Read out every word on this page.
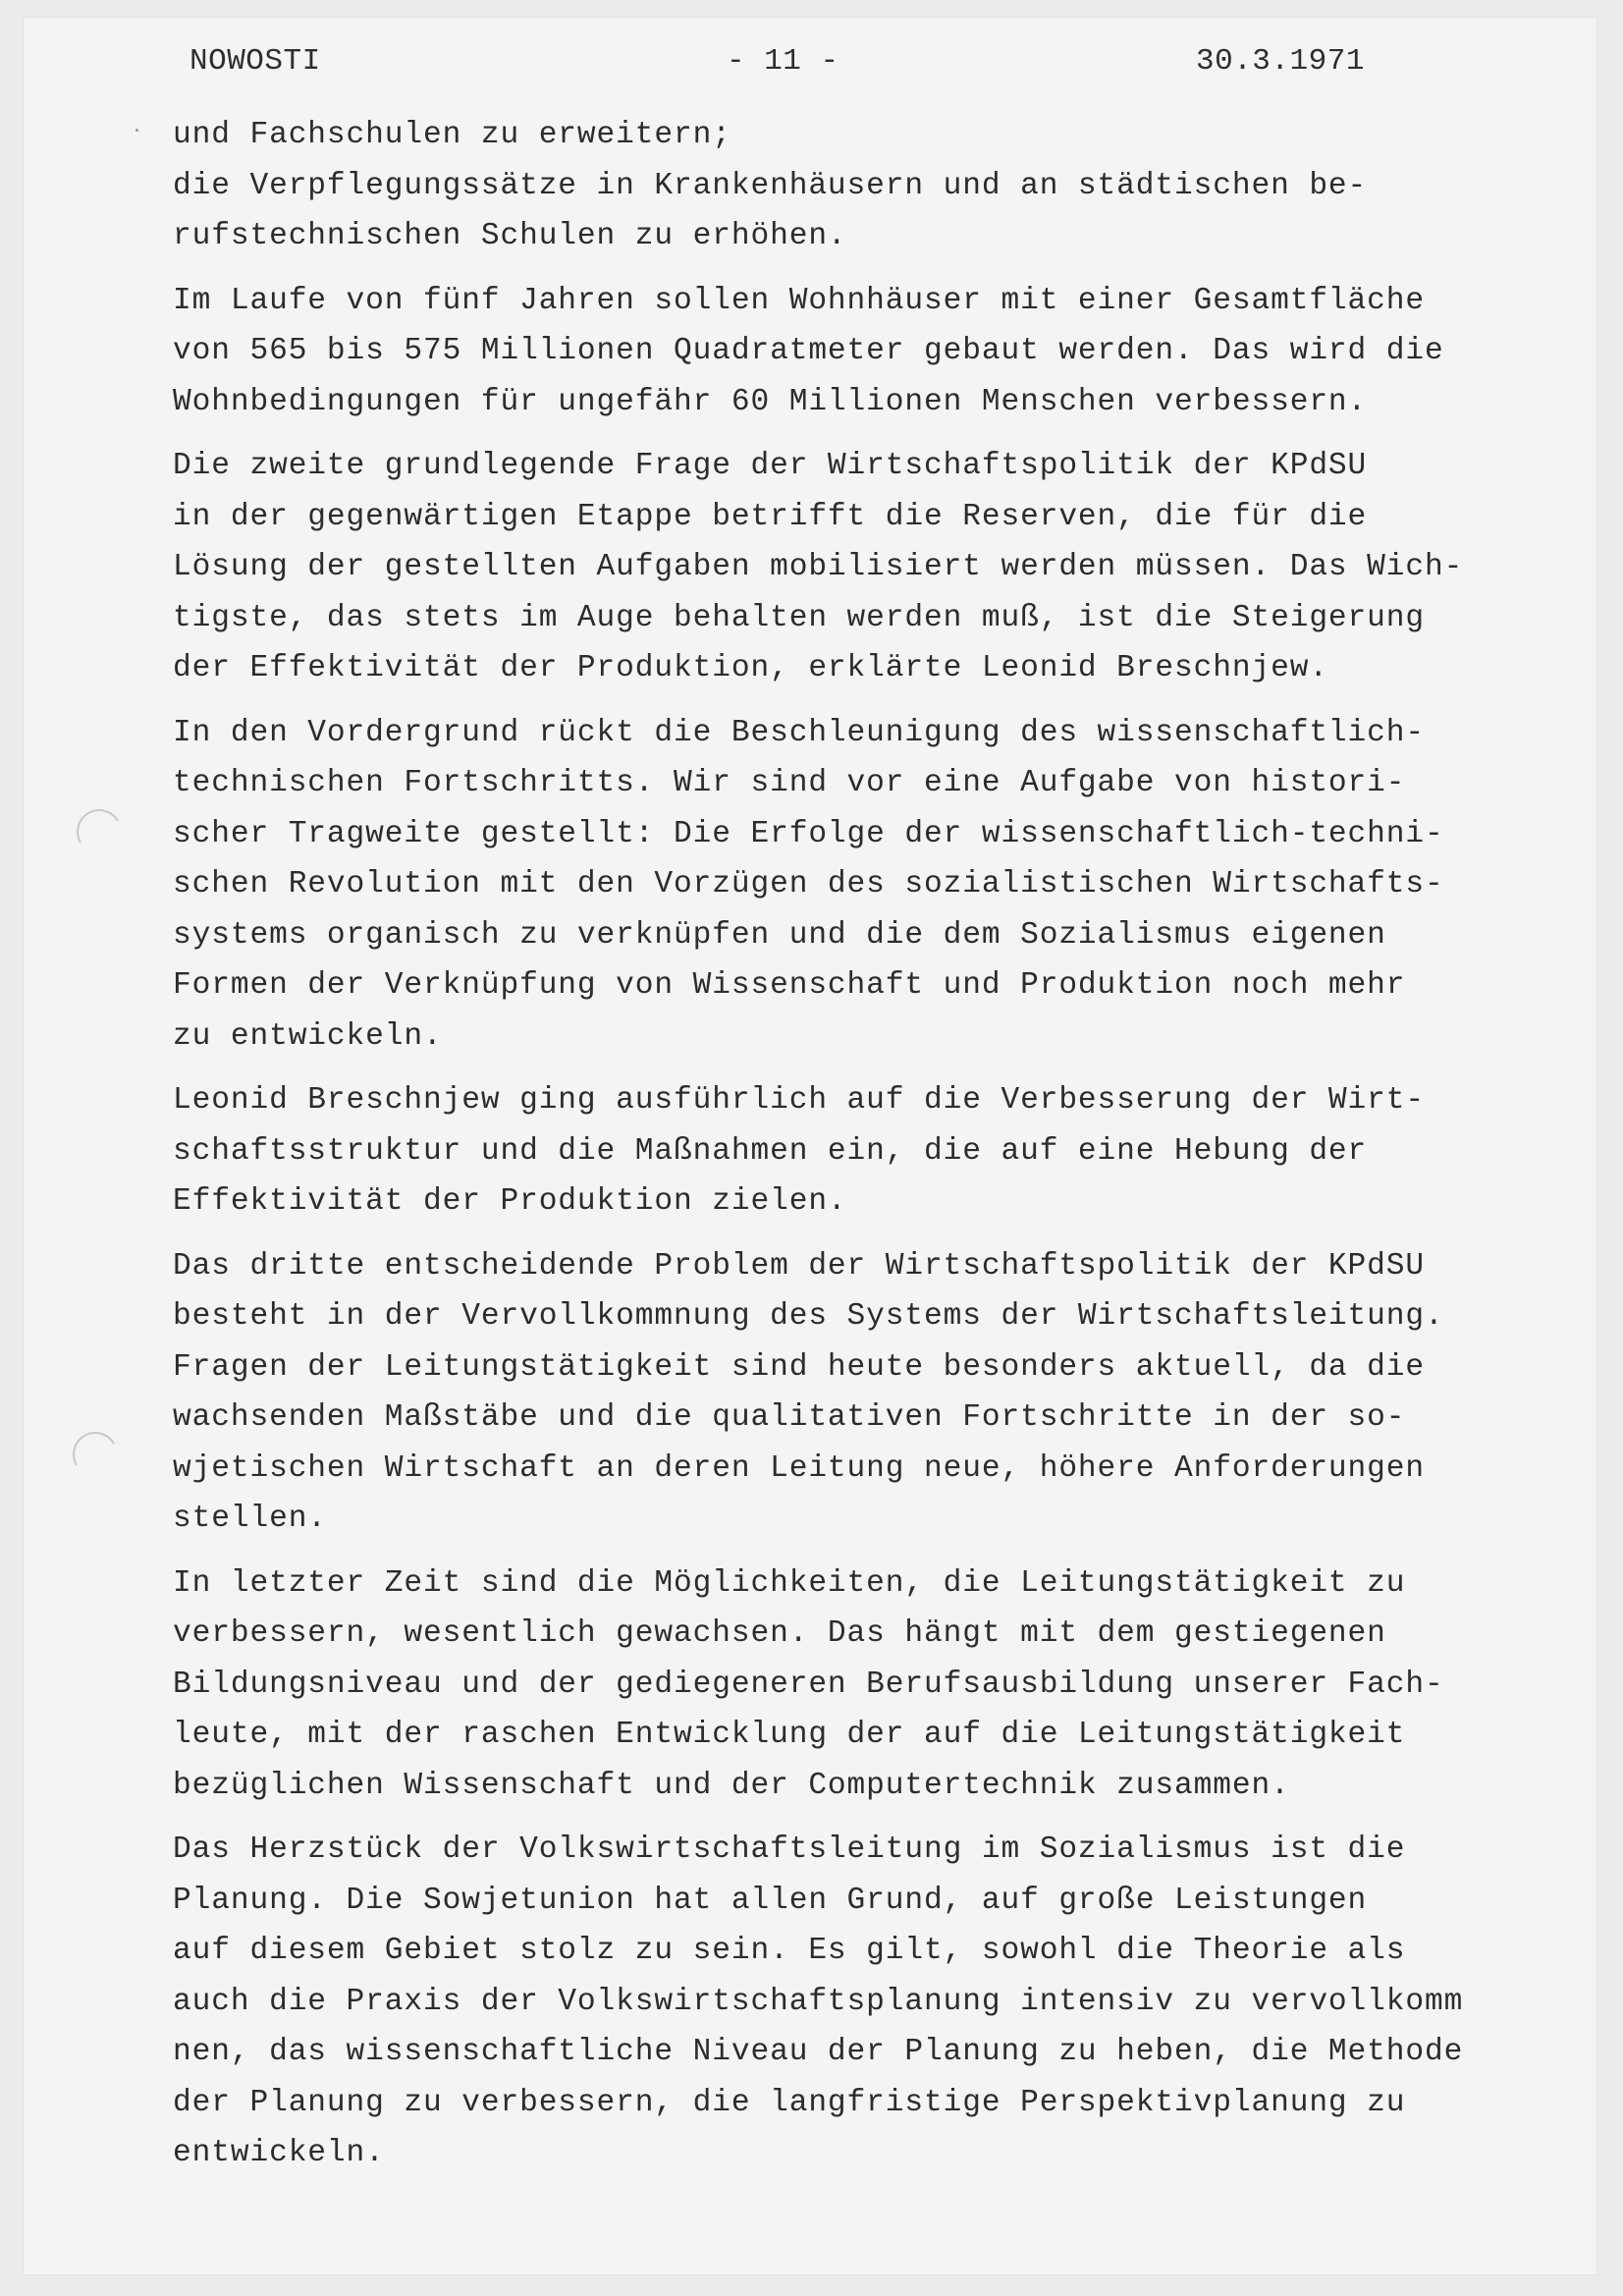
NOWOSTI	- 11 -	30.3.1971
und Fachschulen zu erweitern;
die Verpflegungssätze in Krankenhäusern und an städtischen be-
rufstechnischen Schulen zu erhöhen.
Im Laufe von fünf Jahren sollen Wohnhäuser mit einer Gesamtfläche
von 565 bis 575 Millionen Quadratmeter gebaut werden. Das wird die
Wohnbedingungen für ungefähr 60 Millionen Menschen verbessern.
Die zweite grundlegende Frage der Wirtschaftspolitik der KPdSU
in der gegenwärtigen Etappe betrifft die Reserven, die für die
Lösung der gestellten Aufgaben mobilisiert werden müssen. Das Wich-
tigste, das stets im Auge behalten werden muß, ist die Steigerung
der Effektivität der Produktion, erklärte Leonid Breschnjew.
In den Vordergrund rückt die Beschleunigung des wissenschaftlich-
technischen Fortschritts. Wir sind vor eine Aufgabe von histori-
scher Tragweite gestellt: Die Erfolge der wissenschaftlich-techni-
schen Revolution mit den Vorzügen des sozialistischen Wirtschafts-
systems organisch zu verknüpfen und die dem Sozialismus eigenen
Formen der Verknüpfung von Wissenschaft und Produktion noch mehr
zu entwickeln.
Leonid Breschnjew ging ausführlich auf die Verbesserung der Wirt-
schaftsstruktur und die Maßnahmen ein, die auf eine Hebung der
Effektivität der Produktion zielen.
Das dritte entscheidende Problem der Wirtschaftspolitik der KPdSU
besteht in der Vervollkommnung des Systems der Wirtschaftsleitung.
Fragen der Leitungstätigkeit sind heute besonders aktuell, da die
wachsenden Maßstäbe und die qualitativen Fortschritte in der so-
wjetischen Wirtschaft an deren Leitung neue, höhere Anforderungen
stellen.
In letzter Zeit sind die Möglichkeiten, die Leitungstätigkeit zu
verbessern, wesentlich gewachsen. Das hängt mit dem gestiegenen
Bildungsniveau und der gediegeneren Berufsausbildung unserer Fach-
leute, mit der raschen Entwicklung der auf die Leitungstätigkeit
bezüglichen Wissenschaft und der Computertechnik zusammen.
Das Herzstück der Volkswirtschaftsleitung im Sozialismus ist die
Planung. Die Sowjetunion hat allen Grund, auf große Leistungen
auf diesem Gebiet stolz zu sein. Es gilt, sowohl die Theorie als
auch die Praxis der Volkswirtschaftsplanung intensiv zu vervollkomm
nen, das wissenschaftliche Niveau der Planung zu heben, die Methode
der Planung zu verbessern, die langfristige Perspektivplanung zu
entwickeln.
